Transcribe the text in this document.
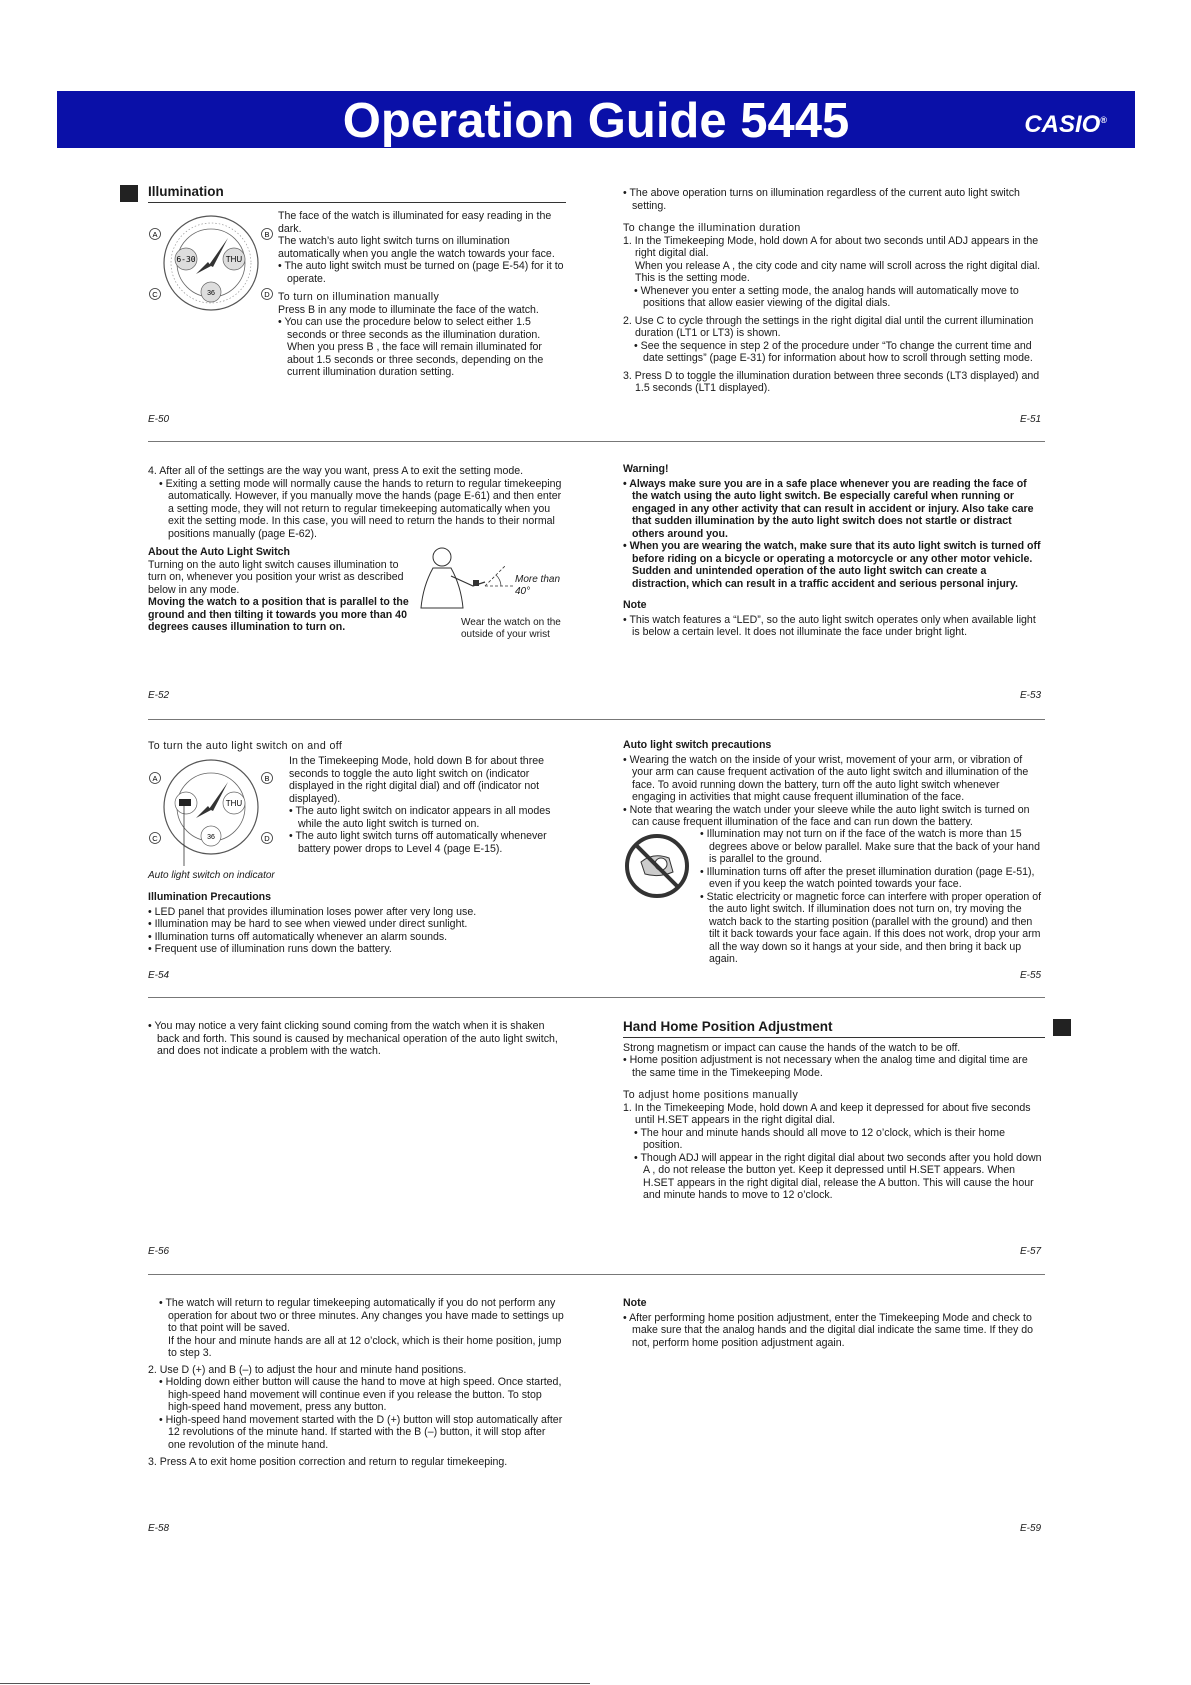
Operation Guide 5445	CASIO®
Illumination
6-30	THU
36
A	B
C	D

The face of the watch is illuminated for easy reading in the dark.

The watch’s auto light switch turns on illumination automatically when you angle the watch towards your face.

• The auto light switch must be turned on (page E-54) for it to operate.

To turn on illumination manually

Press B in any mode to illuminate the face of the watch.

• You can use the procedure below to select either 1.5 seconds or three seconds as the illumination duration. When you press B , the face will remain illuminated for about 1.5 seconds or three seconds, depending on the current illumination duration setting.

E-50

• The above operation turns on illumination regardless of the current auto light switch setting.

To change the illumination duration

1. In the Timekeeping Mode, hold down A for about two seconds until ADJ appears in the right digital dial.

When you release A , the city code and city name will scroll across the right digital dial. This is the setting mode.

• Whenever you enter a setting mode, the analog hands will automatically move to positions that allow easier viewing of the digital dials.

2. Use C to cycle through the settings in the right digital dial until the current illumination duration (LT1 or LT3) is shown.

• See the sequence in step 2 of the procedure under “To change the current time and date settings” (page E-31) for information about how to scroll through setting mode.

3. Press D to toggle the illumination duration between three seconds (LT3 displayed) and 1.5 seconds (LT1 displayed).

E-51

4. After all of the settings are the way you want, press A to exit the setting mode.

• Exiting a setting mode will normally cause the hands to return to regular timekeeping automatically. However, if you manually move the hands (page E-61) and then enter a setting mode, they will not return to regular timekeeping automatically when you exit the setting mode. In this case, you will need to return the hands to their normal positions manually (page E-62).

About the Auto Light Switch

Turning on the auto light switch causes illumination to turn on, whenever you position your wrist as described below in any mode.

Moving the watch to a position that is parallel to the ground and then tilting it towards you more than 40 degrees causes illumination to turn on.

More than 40°
Wear the watch on the outside of your wrist
E-52

Warning!

• Always make sure you are in a safe place whenever you are reading the face of the watch using the auto light switch. Be especially careful when running or engaged in any other activity that can result in accident or injury. Also take care that sudden illumination by the auto light switch does not startle or distract others around you.

• When you are wearing the watch, make sure that its auto light switch is turned off before riding on a bicycle or operating a motorcycle or any other motor vehicle. Sudden and unintended operation of the auto light switch can create a distraction, which can result in a traffic accident and serious personal injury.

Note

• This watch features a “LED”, so the auto light switch operates only when available light is below a certain level. It does not illuminate the face under bright light.

E-53

To turn the auto light switch on and off

THU
36
A	B
C	D
Auto light switch on indicator

In the Timekeeping Mode, hold down B for about three seconds to toggle the auto light switch on (indicator displayed in the right digital dial) and off (indicator not displayed).

• The auto light switch on indicator appears in all modes while the auto light switch is turned on.

• The auto light switch turns off automatically whenever battery power drops to Level 4 (page E-15).

Illumination Precautions

• LED panel that provides illumination loses power after very long use.

• Illumination may be hard to see when viewed under direct sunlight.

• Illumination turns off automatically whenever an alarm sounds.

• Frequent use of illumination runs down the battery.

E-54

Auto light switch precautions

• Wearing the watch on the inside of your wrist, movement of your arm, or vibration of your arm can cause frequent activation of the auto light switch and illumination of the face. To avoid running down the battery, turn off the auto light switch whenever engaging in activities that might cause frequent illumination of the face.

• Note that wearing the watch under your sleeve while the auto light switch is turned on can cause frequent illumination of the face and can run down the battery.

• Illumination may not turn on if the face of the watch is more than 15 degrees above or below parallel. Make sure that the back of your hand is parallel to the ground.

• Illumination turns off after the preset illumination duration (page E-51), even if you keep the watch pointed towards your face.

• Static electricity or magnetic force can interfere with proper operation of the auto light switch. If illumination does not turn on, try moving the watch back to the starting position (parallel with the ground) and then tilt it back towards your face again. If this does not work, drop your arm all the way down so it hangs at your side, and then bring it back up again.

E-55

• You may notice a very faint clicking sound coming from the watch when it is shaken back and forth. This sound is caused by mechanical operation of the auto light switch, and does not indicate a problem with the watch.

E-56
Hand Home Position Adjustment

Strong magnetism or impact can cause the hands of the watch to be off.

• Home position adjustment is not necessary when the analog time and digital time are the same time in the Timekeeping Mode.

To adjust home positions manually

1. In the Timekeeping Mode, hold down A and keep it depressed for about five seconds until H.SET appears in the right digital dial.

• The hour and minute hands should all move to 12 o’clock, which is their home position.

• Though ADJ will appear in the right digital dial about two seconds after you hold down A , do not release the button yet. Keep it depressed until H.SET appears. When H.SET appears in the right digital dial, release the A button. This will cause the hour and minute hands to move to 12 o’clock.

E-57

• The watch will return to regular timekeeping automatically if you do not perform any operation for about two or three minutes. Any changes you have made to settings up to that point will be saved.

If the hour and minute hands are all at 12 o’clock, which is their home position, jump to step 3.

2. Use D (+) and B (–) to adjust the hour and minute hand positions.

• Holding down either button will cause the hand to move at high speed. Once started, high-speed hand movement will continue even if you release the button. To stop high-speed hand movement, press any button.

• High-speed hand movement started with the D (+) button will stop automatically after 12 revolutions of the minute hand. If started with the B (–) button, it will stop after one revolution of the minute hand.

3. Press A to exit home position correction and return to regular timekeeping.

E-58

Note

• After performing home position adjustment, enter the Timekeeping Mode and check to make sure that the analog hands and the digital dial indicate the same time. If they do not, perform home position adjustment again.

E-59
